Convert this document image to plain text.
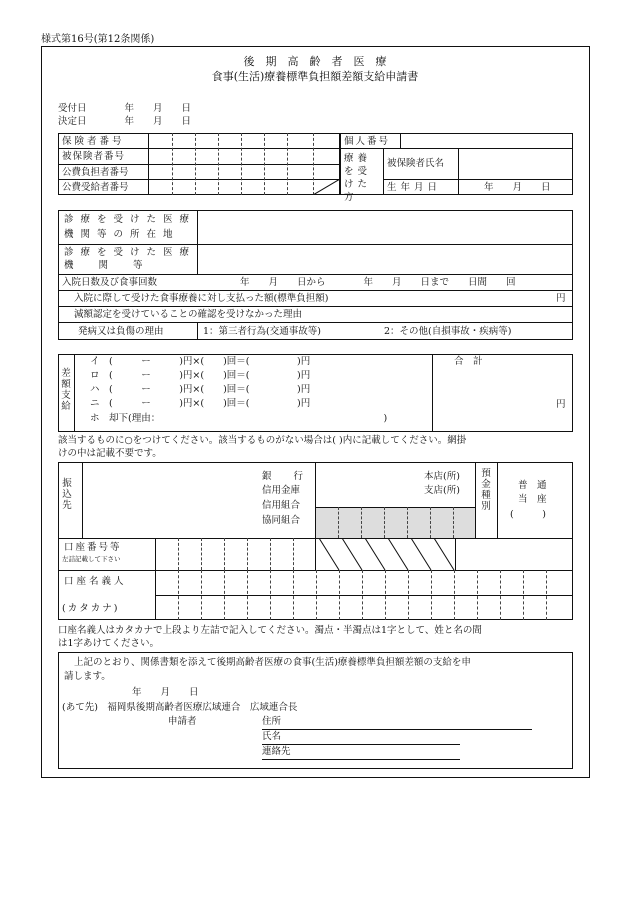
様式第16号(第12条関係)
後　期　高　齢　者　医　療
食事(生活)療養標準負担額差額支給申請書
受付日　　　　年　　月　　日
決定日　　　　年　　月　　日
保険者番号
被保険者番号
公費負担者番号
公費受給者番号
個人番号
療養を受けた方
被保険者氏名
生年月日	年　　月　　日
診療を受けた医療
機関等の所在地
診療を受けた医療
機　　関　　等
入院日数及び食事回数	年　　月　　日から　　　　年　　月　　日まで　　日間　　回
入院に際して受けた食事療養に対し支払った額(標準負担額)	円
減額認定を受けていることの確認を受けなかった理由
発病又は負傷の理由	1：第三者行為(交通事故等)	2：その他(自損事故・疾病等)
差額支給
イ　(　　　ー　　　)円×(　　)回＝(　　　　　)円
ロ　(　　　ー　　　)円×(　　)回＝(　　　　　)円
ハ　(　　　ー　　　)円×(　　)回＝(　　　　　)円
ニ　(　　　ー　　　)円×(　　)回＝(　　　　　)円
ホ　却下(理由：　　　　　　　　　　　　　　　　　　　　　　　　)
合　計
円
該当するものに○をつけてください。該当するものがない場合は( )内に記載してください。網掛
けの中は記載不要です。
振込先
銀　　行
信用金庫
信用組合
協同組合
本店(所)
支店(所)
預金種別
普　通
当　座
(　　　)
口座番号等
左詰記載して下さい
口座名義人
(カタカナ)
口座名義人はカタカナで上段より左詰で記入してください。濁点・半濁点は1字として、姓と名の間
は1字あけてください。
上記のとおり、関係書類を添えて後期高齢者医療の食事(生活)療養標準負担額差額の支給を申
請します。
年　　月　　日
(あて先)　福岡県後期高齢者医療広域連合　広域連合長
申請者	住所
氏名
連絡先
